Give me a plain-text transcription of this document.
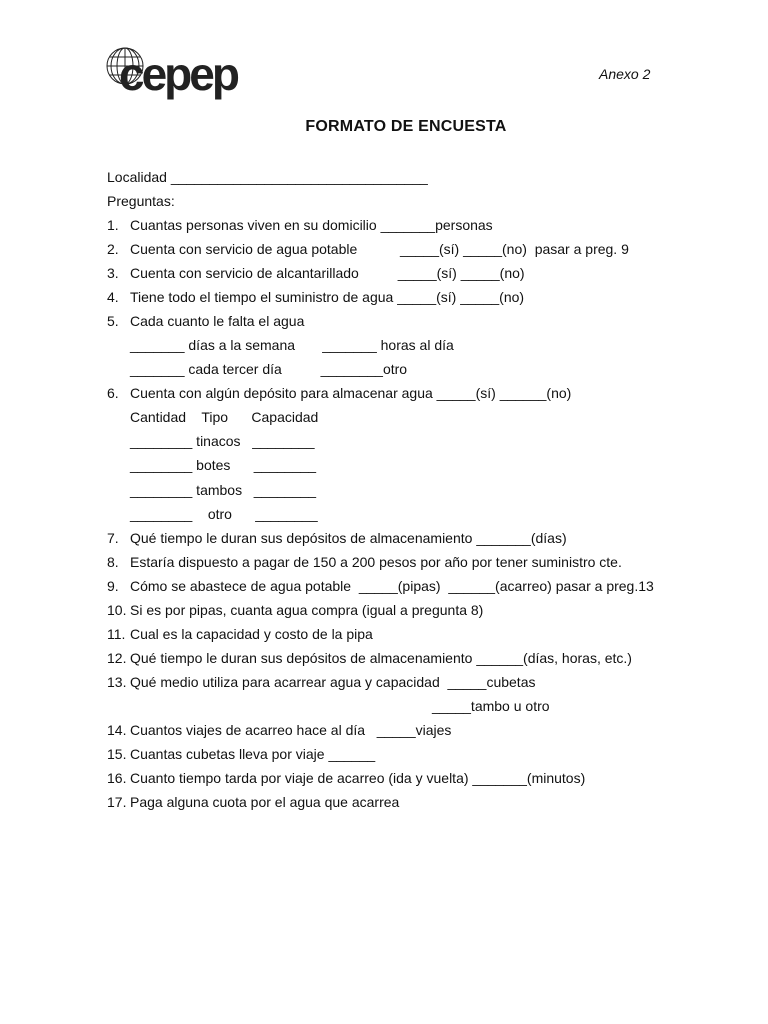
cepep	Anexo 2
FORMATO DE ENCUESTA
Localidad _________________________________
Preguntas:
1. Cuantas personas viven en su domicilio _______personas
2. Cuenta con servicio de agua potable           _____(sí) _____(no)  pasar a preg. 9
3. Cuenta con servicio de alcantarillado          _____(sí) _____(no)
4. Tiene todo el tiempo el suministro de agua _____(sí) _____(no)
5. Cada cuanto le falta el agua
_______ días a la semana       _______ horas al día
_______ cada tercer día          ________otro
6. Cuenta con algún depósito para almacenar agua _____(sí) ______(no)
Cantidad    Tipo      Capacidad
________ tinacos   ________
________ botes      ________
________ tambos   ________
________    otro      ________
7. Qué tiempo le duran sus depósitos de almacenamiento _______(días)
8. Estaría dispuesto a pagar de 150 a 200 pesos por año por tener suministro cte.
9. Cómo se abastece de agua potable  _____(pipas)  ______(acarreo) pasar a preg.13
10. Si es por pipas, cuanta agua compra (igual a pregunta 8)
11. Cual es la capacidad y costo de la pipa
12. Qué tiempo le duran sus depósitos de almacenamiento ______(días, horas, etc.)
13. Qué medio utiliza para acarrear agua y capacidad  _____cubetas
_____tambo u otro
14. Cuantos viajes de acarreo hace al día   _____viajes
15. Cuantas cubetas lleva por viaje ______
16. Cuanto tiempo tarda por viaje de acarreo (ida y vuelta) _______(minutos)
17. Paga alguna cuota por el agua que acarrea
